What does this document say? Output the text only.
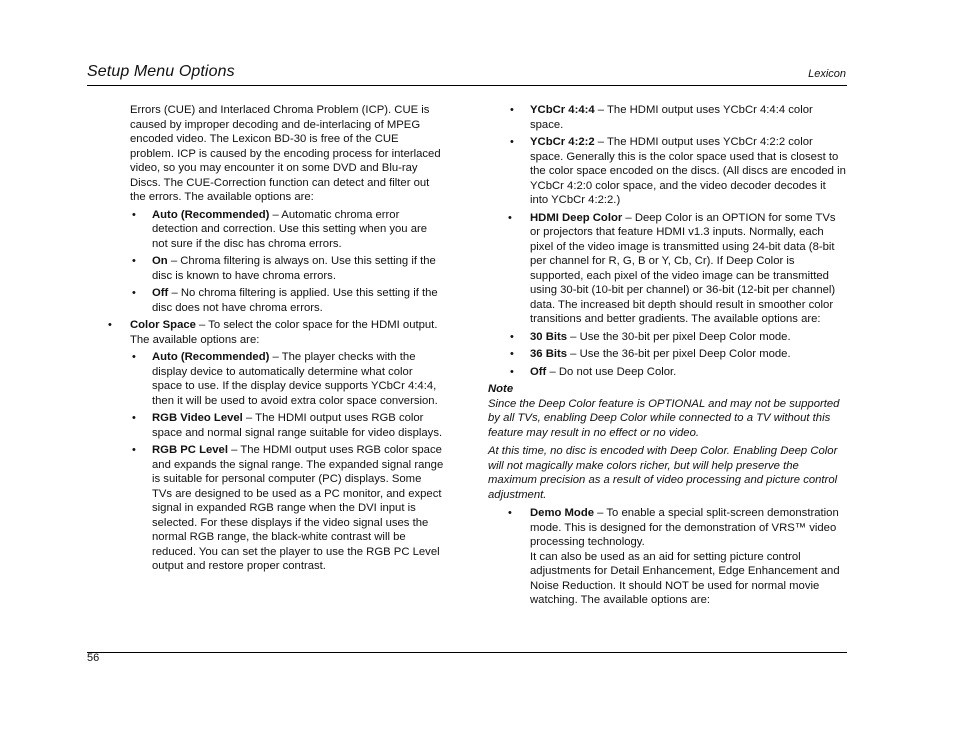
Setup Menu Options	Lexicon

Errors (CUE) and Interlaced Chroma Problem (ICP). CUE is caused by improper decoding and de-interlacing of MPEG encoded video. The Lexicon BD-30 is free of the CUE problem. ICP is caused by the encoding process for interlaced video, so you may encounter it on some DVD and Blu-ray Discs. The CUE-Correction function can detect and filter out the errors. The available options are:

• Auto (Recommended) – Automatic chroma error detection and correction. Use this setting when you are not sure if the disc has chroma errors.
• On – Chroma filtering is always on. Use this setting if the disc is known to have chroma errors.
• Off – No chroma filtering is applied. Use this setting if the disc does not have chroma errors.
• Color Space – To select the color space for the HDMI output. The available options are:
• Auto (Recommended) – The player checks with the display device to automatically determine what color space to use. If the display device supports YCbCr 4:4:4, then it will be used to avoid extra color space conversion.
• RGB Video Level – The HDMI output uses RGB color space and normal signal range suitable for video displays.
• RGB PC Level – The HDMI output uses RGB color space and expands the signal range. The expanded signal range is suitable for personal computer (PC) displays. Some TVs are designed to be used as a PC monitor, and expect signal in expanded RGB range when the DVI input is selected. For these displays if the video signal uses the normal RGB range, the black-white contrast will be reduced. You can set the player to use the RGB PC Level output and restore proper contrast.
• YCbCr 4:4:4 – The HDMI output uses YCbCr 4:4:4 color space.
• YCbCr 4:2:2 – The HDMI output uses YCbCr 4:2:2 color space. Generally this is the color space used that is closest to the color space encoded on the discs. (All discs are encoded in YCbCr 4:2:0 color space, and the video decoder decodes it into YCbCr 4:2:2.)
• HDMI Deep Color – Deep Color is an OPTION for some TVs or projectors that feature HDMI v1.3 inputs. Normally, each pixel of the video image is transmitted using 24-bit data (8-bit per channel for R, G, B or Y, Cb, Cr). If Deep Color is supported, each pixel of the video image can be transmitted using 30-bit (10-bit per channel) or 36-bit (12-bit per channel) data. The increased bit depth should result in smoother color transitions and better gradients. The available options are:
• 30 Bits – Use the 30-bit per pixel Deep Color mode.
• 36 Bits – Use the 36-bit per pixel Deep Color mode.
• Off – Do not use Deep Color.

Note

Since the Deep Color feature is OPTIONAL and may not be supported by all TVs, enabling Deep Color while connected to a TV without this feature may result in no effect or no video.

At this time, no disc is encoded with Deep Color. Enabling Deep Color will not magically make colors richer, but will help preserve the maximum precision as a result of video processing and picture control adjustment.

• Demo Mode – To enable a special split-screen demonstration mode. This is designed for the demonstration of VRS™ video processing technology.

It can also be used as an aid for setting picture control adjustments for Detail Enhancement, Edge Enhancement and Noise Reduction. It should NOT be used for normal movie watching. The available options are:

56
